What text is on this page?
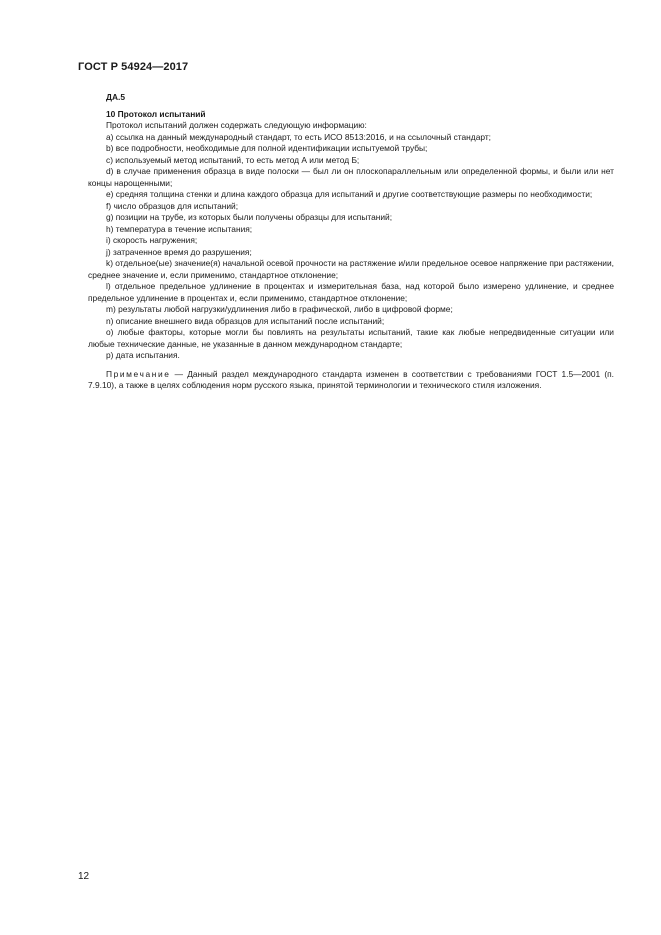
ГОСТ Р 54924—2017
ДА.5
10 Протокол испытаний

Протокол испытаний должен содержать следующую информацию:

a) ссылка на данный международный стандарт, то есть ИСО 8513:2016, и на ссылочный стандарт;

b) все подробности, необходимые для полной идентификации испытуемой трубы;

c) используемый метод испытаний, то есть метод А или метод Б;

d) в случае применения образца в виде полоски — был ли он плоскопараллельным или определенной формы, и были или нет концы нарощенными;

e) средняя толщина стенки и длина каждого образца для испытаний и другие соответствующие размеры по необходимости;

f) число образцов для испытаний;

g) позиции на трубе, из которых были получены образцы для испытаний;

h) температура в течение испытания;

i) скорость нагружения;

j) затраченное время до разрушения;

k) отдельное(ые) значение(я) начальной осевой прочности на растяжение и/или предельное осевое напряжение при растяжении, среднее значение и, если применимо, стандартное отклонение;

l) отдельное предельное удлинение в процентах и измерительная база, над которой было измерено удлинение, и среднее предельное удлинение в процентах и, если применимо, стандартное отклонение;

m) результаты любой нагрузки/удлинения либо в графической, либо в цифровой форме;

n) описание внешнего вида образцов для испытаний после испытаний;

o) любые факторы, которые могли бы повлиять на результаты испытаний, такие как любые непредвиденные ситуации или любые технические данные, не указанные в данном международном стандарте;

p) дата испытания.

Примечание — Данный раздел международного стандарта изменен в соответствии с требованиями ГОСТ 1.5—2001 (п. 7.9.10), а также в целях соблюдения норм русского языка, принятой терминологии и технического стиля изложения.

12
